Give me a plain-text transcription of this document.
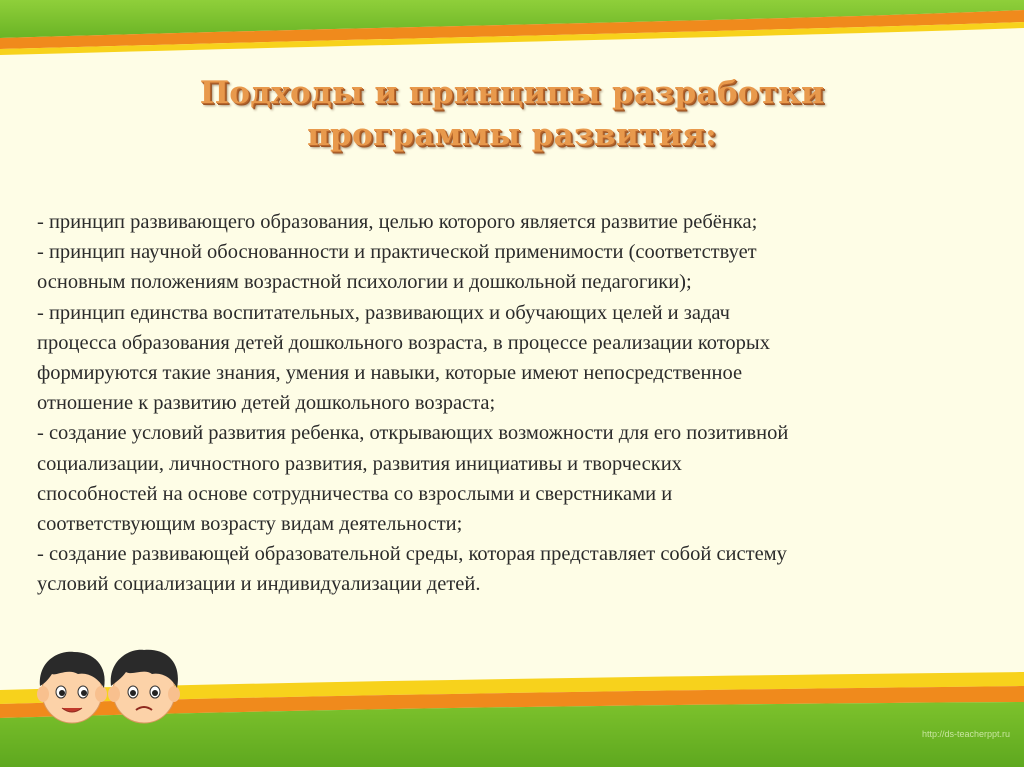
Подходы и принципы разработки
программы развития:
- принцип развивающего образования, целью которого является развитие ребёнка;
- принцип научной обоснованности и практической применимости (соответствует
основным положениям возрастной психологии и дошкольной педагогики);
- принцип единства воспитательных, развивающих и обучающих целей и задач
процесса образования детей дошкольного возраста, в процессе реализации которых
формируются такие знания, умения и навыки, которые имеют непосредственное
отношение к развитию детей дошкольного возраста;
- создание условий развития ребенка, открывающих возможности для его позитивной
социализации, личностного развития, развития инициативы и творческих
способностей на основе сотрудничества со взрослыми и сверстниками и
соответствующим возрасту видам деятельности;
- создание развивающей образовательной среды, которая представляет собой систему
условий социализации и индивидуализации детей.
http://ds-teacherppt.ru
